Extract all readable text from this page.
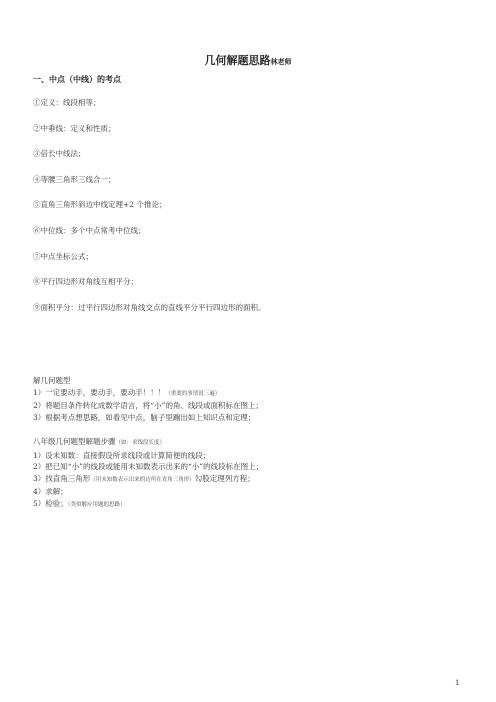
几何解题思路林老师
一、中点（中线）的考点
①定义：线段相等；
②中垂线：定义和性质；
③倍长中线法；
④等腰三角形三线合一；
⑤直角三角形斜边中线定理+2 个推论；
⑥中位线：多个中点常考中位线；
⑦中点坐标公式；
⑧平行四边形对角线互相平分；
⑨面积平分：过平行四边形对角线交点的直线平分平行四边形的面积。
解几何题型
1）一定要动手，要动手，要动手！！！（重要的事情说三遍）
2）将题目条件转化成数学语言，将“小”的角、线段或面积标在图上；
3）根据考点想思路，如看见中点，脑子里蹦出如上知识点和定理；
八年级几何题型解题步骤（如：求线段长度）
1）设未知数：直接假设所求线段或计算简便的线段；
2）把已知“小”的线段或能用未知数表示出来的“小”的线段标在图上；
3）找直角三角形（用未知数表示出来的边所在直角三角形）勾股定理列方程；
4）求解；
5）检验；（类似解应用题的思路）
1
